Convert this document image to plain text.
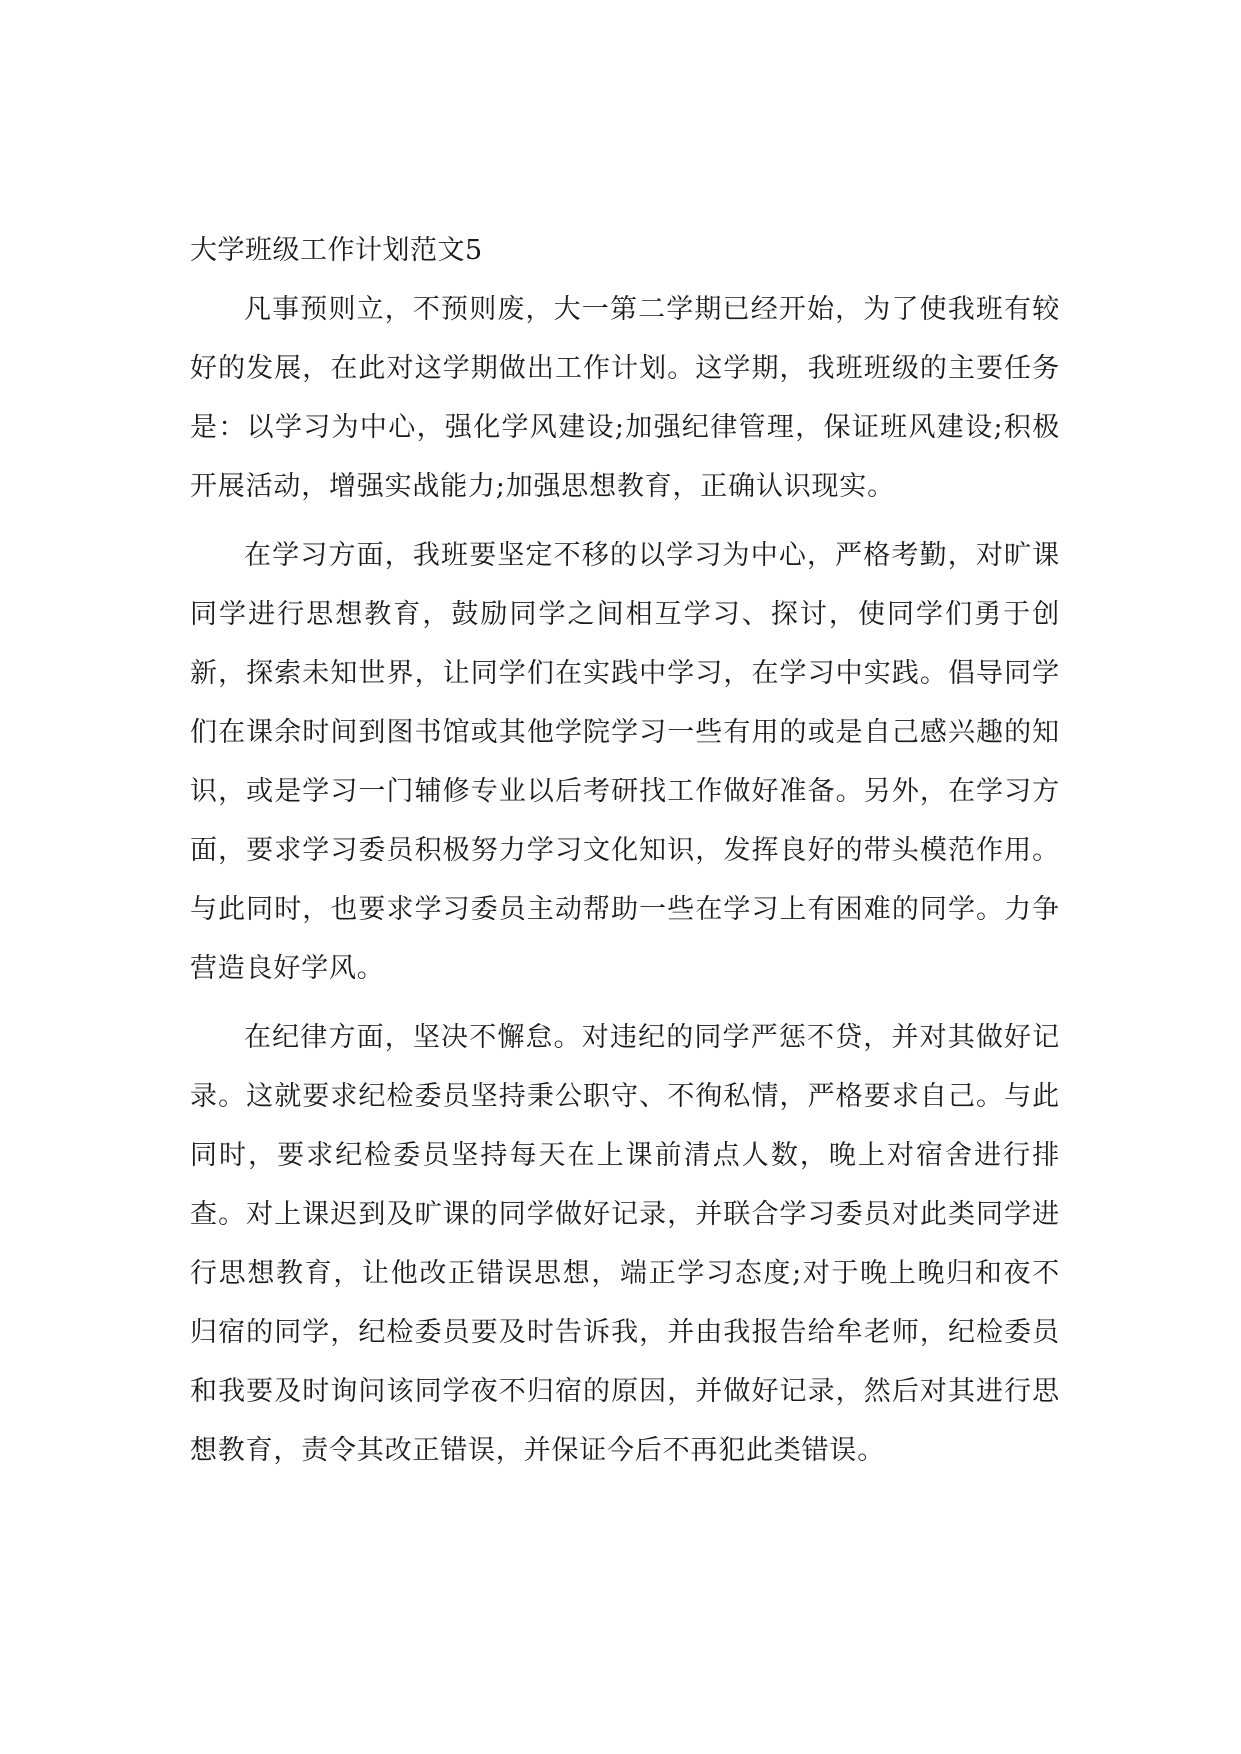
大学班级工作计划范文5

凡事预则立，不预则废，大一第二学期已经开始，为了使我班有较好的发展，在此对这学期做出工作计划。这学期，我班班级的主要任务是：以学习为中心，强化学风建设;加强纪律管理，保证班风建设;积极开展活动，增强实战能力;加强思想教育，正确认识现实。

在学习方面，我班要坚定不移的以学习为中心，严格考勤，对旷课同学进行思想教育，鼓励同学之间相互学习、探讨，使同学们勇于创新，探索未知世界，让同学们在实践中学习，在学习中实践。倡导同学们在课余时间到图书馆或其他学院学习一些有用的或是自己感兴趣的知识，或是学习一门辅修专业以后考研找工作做好准备。另外，在学习方面，要求学习委员积极努力学习文化知识，发挥良好的带头模范作用。与此同时，也要求学习委员主动帮助一些在学习上有困难的同学。力争营造良好学风。

在纪律方面，坚决不懈怠。对违纪的同学严惩不贷，并对其做好记录。这就要求纪检委员坚持秉公职守、不徇私情，严格要求自己。与此同时，要求纪检委员坚持每天在上课前清点人数，晚上对宿舍进行排查。对上课迟到及旷课的同学做好记录，并联合学习委员对此类同学进行思想教育，让他改正错误思想，端正学习态度;对于晚上晚归和夜不归宿的同学，纪检委员要及时告诉我，并由我报告给牟老师，纪检委员和我要及时询问该同学夜不归宿的原因，并做好记录，然后对其进行思想教育，责令其改正错误，并保证今后不再犯此类错误。
